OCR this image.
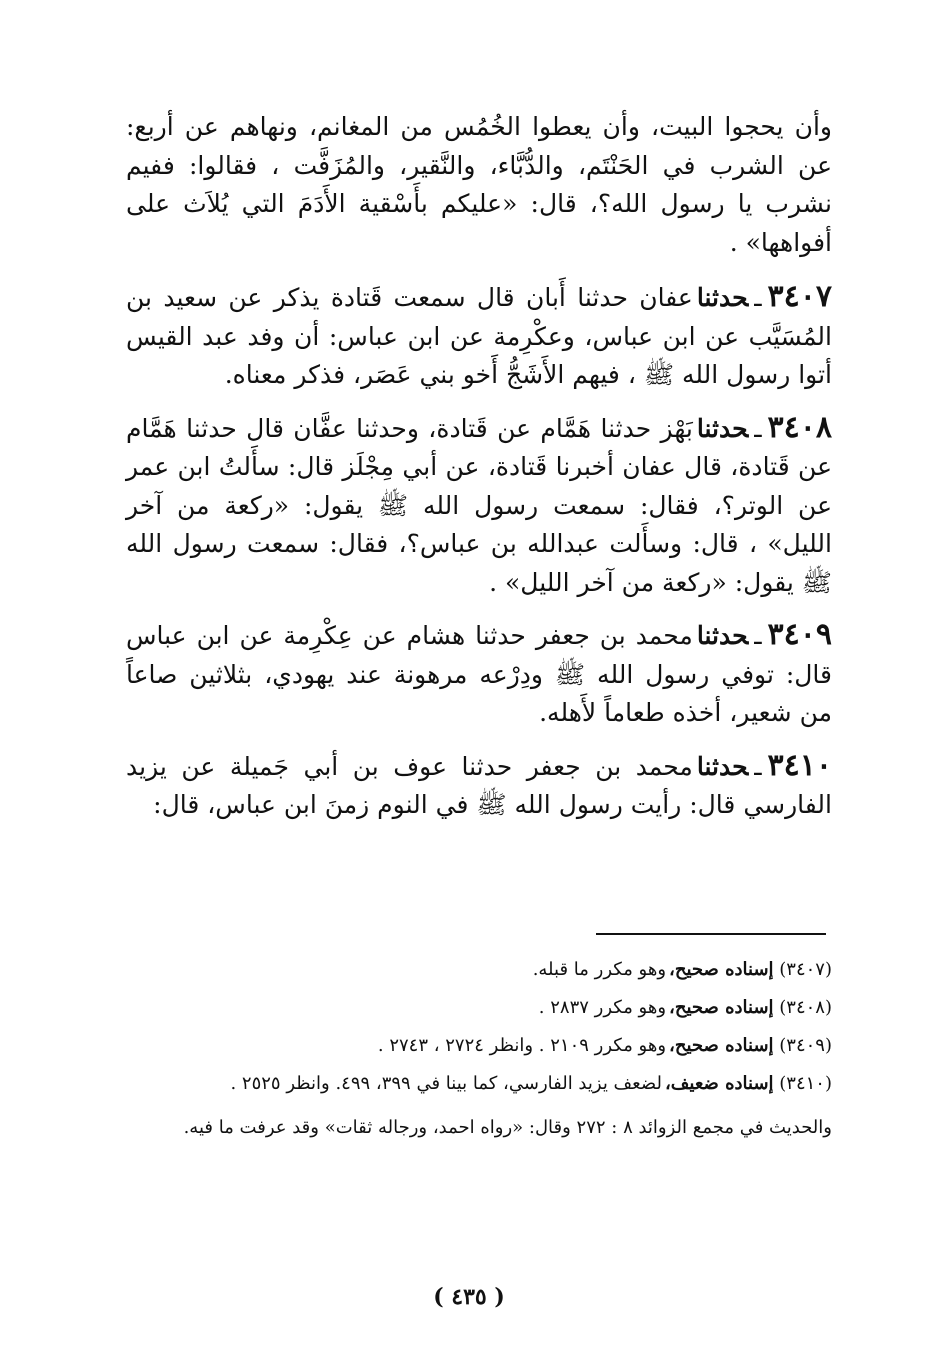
وأن يحجوا البيت، وأن يعطوا الخُمُس من المغانم، ونهاهم عن أربع: عن الشرب في الحَنْتَم، والدُّبَّاء، والنَّقير، والمُزَفَّت ، فقالوا: ففيم نشرب يا رسول الله؟، قال: «عليكم بأَسْقية الأَدَمَ التي يُلاَث على أفواهها» .

٣٤٠٧ـحدثناعفان حدثنا أَبان قال سمعت قَتادة يذكر عن سعيد بن المُسَيَّب عن ابن عباس، وعكْرِمة عن ابن عباس: أن وفد عبد القيس أتوا رسول الله ﷺ ، فيهم الأَشَجُّ أَخو بني عَصَر، فذكر معناه.

٣٤٠٨ـحدثنابَهْز حدثنا هَمَّام عن قَتادة، وحدثنا عفَّان قال حدثنا هَمَّام عن قَتادة، قال عفان أخبرنا قَتادة، عن أبي مِجْلَز قال: سأَلتُ ابن عمر عن الوتر؟، فقال: سمعت رسول الله ﷺ يقول: «ركعة من آخر الليل» ، قال: وسأَلت عبدالله بن عباس؟، فقال: سمعت رسول الله ﷺ يقول: «ركعة من آخر الليل» .

٣٤٠٩ـحدثنامحمد بن جعفر حدثنا هشام عن عِكْرِمة عن ابن عباس قال: توفي رسول الله ﷺ ودِرْعه مرهونة عند يهودي، بثلاثين صاعاً من شعير، أخذه طعاماً لأَهله.

٣٤١٠ـحدثنامحمد بن جعفر حدثنا عوف بن أبي جَميلة عن يزيد الفارسي قال: رأيت رسول الله ﷺ في النوم زمنَ ابن عباس، قال:

(٣٤٠٧) إسناده صحيح،وهو مكرر ما قبله.

(٣٤٠٨) إسناده صحيح،وهو مكرر ٢٨٣٧ .

(٣٤٠٩) إسناده صحيح،وهو مكرر ٢١٠٩ . وانظر ٢٧٢٤ ، ٢٧٤٣ .

(٣٤١٠) إسناده ضعيف،لضعف يزيد الفارسي، كما بينا في ٣٩٩، ٤٩٩. وانظر ٢٥٢٥ .

والحديث في مجمع الزوائد ٨ : ٢٧٢ وقال: «رواه احمد، ورجاله ثقات» وقد عرفت ما فيه.

( ٤٣٥ )
